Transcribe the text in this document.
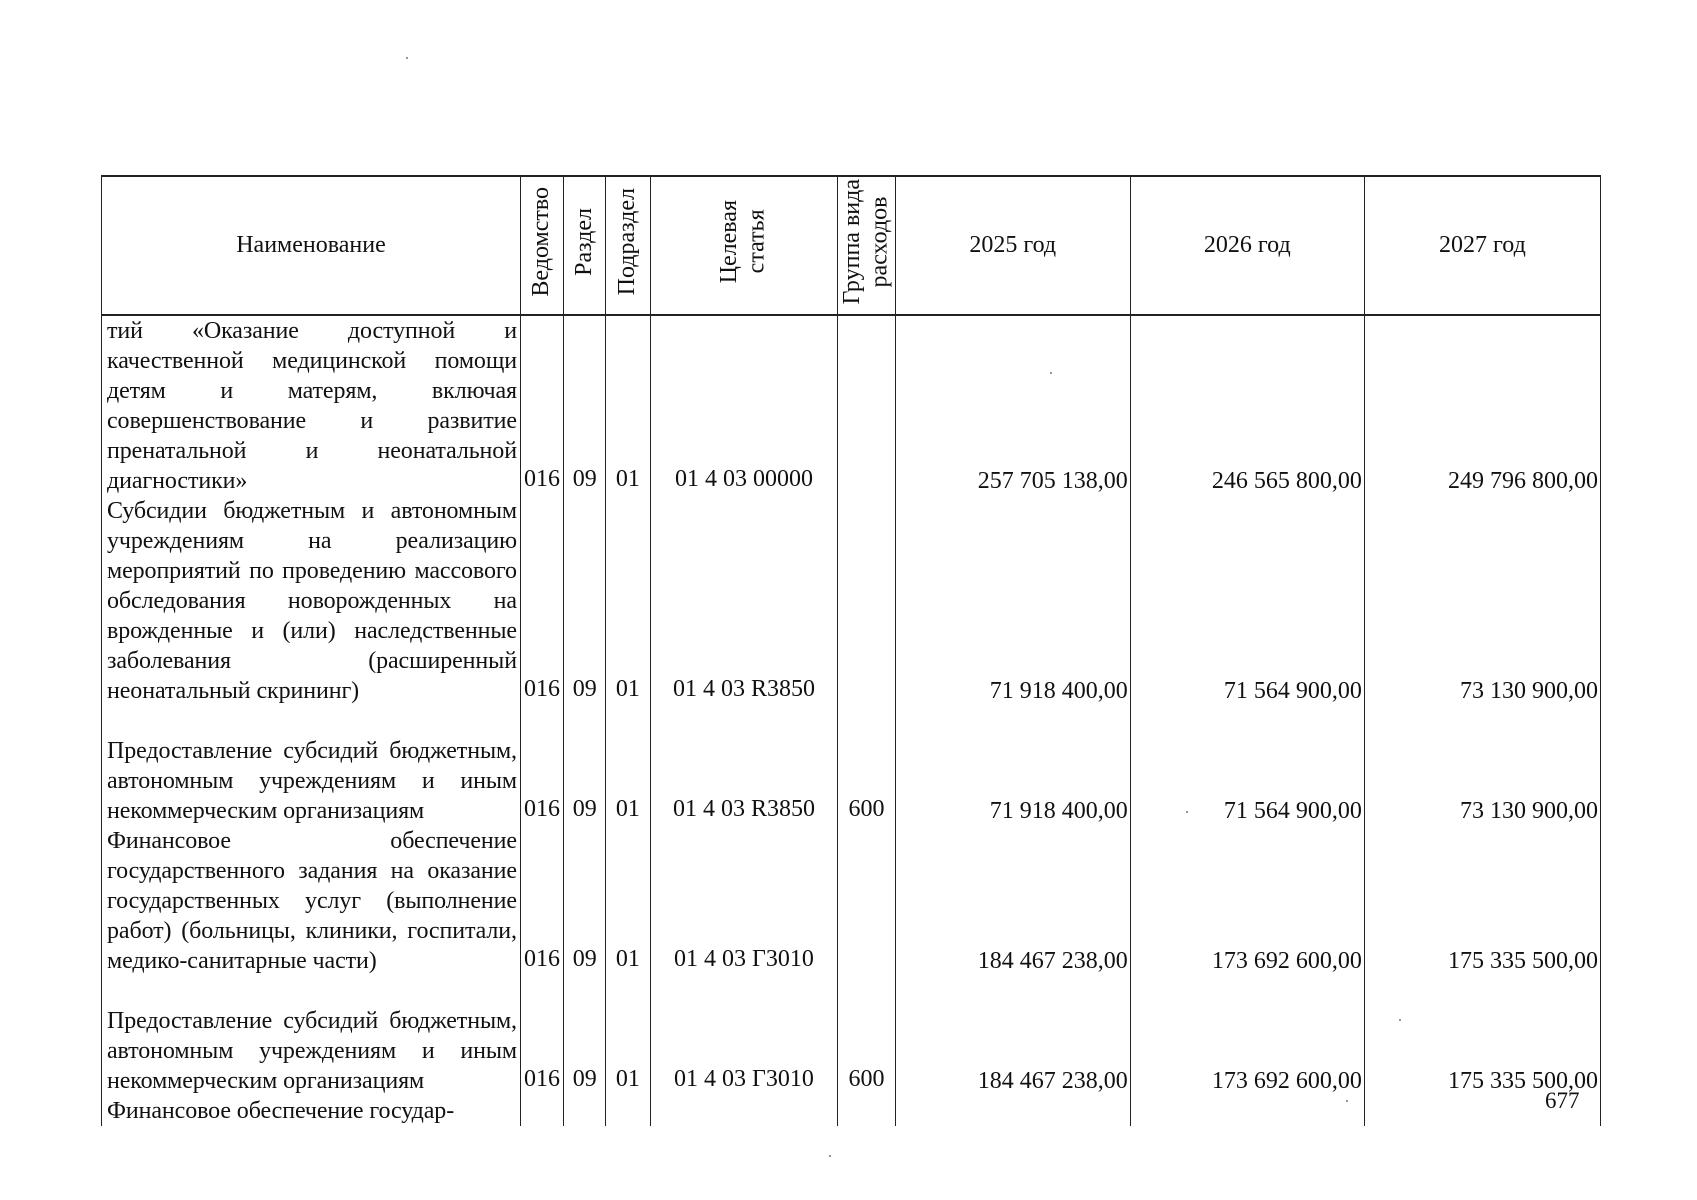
Наименование	Ведомство	Раздел	Подраздел	Целевая статья	Группа вида расходов	2025 год	2026 год	2027 год
тий «Оказание доступной и качественной медицинской помощи детям и матерям, включая совершенствование и развитие пренатальной и неонатальной диагностики»	016	09	01	01 4 03 00000		257 705 138,00	246 565 800,00	249 796 800,00
Субсидии бюджетным и автономным учреждениям на реализацию мероприятий по проведению массового обследования новорожденных на врожденные и (или) наследственные заболевания (расширенный неонатальный скрининг)	016	09	01	01 4 03 R3850		71 918 400,00	71 564 900,00	73 130 900,00
Предоставление субсидий бюджетным, автономным учреждениям и иным некоммерческим организациям	016	09	01	01 4 03 R3850	600	71 918 400,00	71 564 900,00	73 130 900,00
Финансовое обеспечение государственного задания на оказание государственных услуг (выполнение работ) (больницы, клиники, госпитали, медико-санитарные части)	016	09	01	01 4 03 Г3010		184 467 238,00	173 692 600,00	175 335 500,00
Предоставление субсидий бюджетным, автономным учреждениям и иным некоммерческим организациям	016	09	01	01 4 03 Г3010	600	184 467 238,00	173 692 600,00	175 335 500,00
Финансовое обеспечение государ-									677
